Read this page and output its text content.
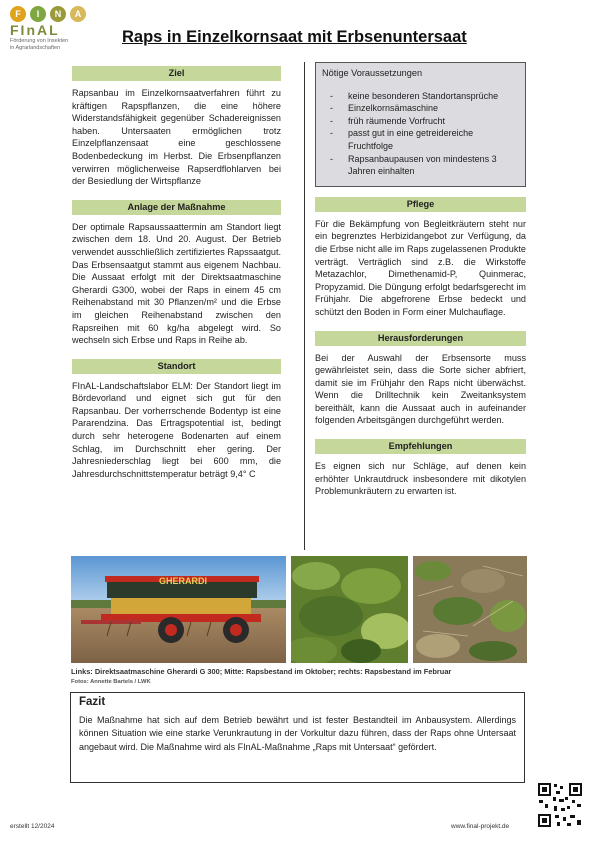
F	I	N	A
FInAL
Förderung von Insekten
in Agrarlandschaften
Raps in Einzelkornsaat mit Erbsenuntersaat
Ziel

Rapsanbau im Einzelkornsaatverfahren führt zu kräftigen Rapspflanzen, die eine höhere Widerstandsfähigkeit gegenüber Schadereignissen haben. Untersaaten ermöglichen trotz Einzelpflanzensaat eine geschlossene Bodenbedeckung im Herbst. Die Erbsenpflanzen verwirren möglicherweise Rapserdflohlarven bei der Besiedlung der Wirtspflanze

Anlage der Maßnahme

Der optimale Rapsaussaattermin am Standort liegt zwischen dem 18. Und 20. August. Der Betrieb verwendet ausschließlich zertifiziertes Rapssaatgut. Das Erbsensaatgut stammt aus eigenem Nachbau. Die Aussaat erfolgt mit der Direktsaatmaschine Gherardi G300, wobei der Raps in einem 45 cm Reihenabstand mit 30 Pflanzen/m² und die Erbse im gleichen Reihenabstand zwischen den Rapsreihen mit 60 kg/ha abgelegt wird. So wechseln sich Erbse und Raps in Reihe ab.

Standort

FInAL-Landschaftslabor ELM: Der Standort liegt im Bördevorland und eignet sich gut für den Rapsanbau. Der vorherrschende Bodentyp ist eine Pararendzina. Das Ertragspotential ist, bedingt durch sehr heterogene Bodenarten auf einem Schlag, im Durchschnitt eher gering. Der Jahresniederschlag liegt bei 600 mm, die Jahresdurchschnittstemperatur beträgt 9,4° C

Nötige Voraussetzungen
- keine besonderen Standortansprüche
- Einzelkornsämaschine
- früh räumende Vorfrucht
- passt gut in eine getreidereiche Fruchtfolge
- Rapsanbaupausen von mindestens 3 Jahren einhalten
Pflege

Für die Bekämpfung von Begleitkräutern steht nur ein begrenztes Herbizidangebot zur Verfügung, da die Erbse nicht alle im Raps zugelassenen Produkte verträgt. Verträglich sind z.B. die Wirkstoffe Metazachlor, Dimethenamid-P, Quinmerac, Propyzamid. Die Düngung erfolgt bedarfsgerecht im Frühjahr. Die abgefrorene Erbse bedeckt und schützt den Boden in Form einer Mulchauflage.

Herausforderungen

Bei der Auswahl der Erbsensorte muss gewährleistet sein, dass die Sorte sicher abfriert, damit sie im Frühjahr den Raps nicht überwächst. Wenn die Drilltechnik kein Zweitanksystem bereithält, kann die Aussaat auch in aufeinander folgenden Arbeitsgängen durchgeführt werden.

Empfehlungen

Es eignen sich nur Schläge, auf denen kein erhöhter Unkrautdruck insbesondere mit dikotylen Problemunkräutern zu erwarten ist.

GHERARDI
Links: Direktsaatmaschine Gherardi G 300; Mitte: Rapsbestand im Oktober; rechts: Rapsbestand im Februar
Fotos: Annette Bartels / LWK
Fazit
Die Maßnahme hat sich auf dem Betrieb bewährt und ist fester Bestandteil im Anbausystem. Allerdings können Situation wie eine starke Verunkrautung in der Vorkultur dazu führen, dass der Raps ohne Untersaat angebaut wird. Die Maßnahme wird als FInAL-Maßnahme „Raps mit Untersaat“ gefördert.
erstellt 12/2024	www.final-projekt.de
